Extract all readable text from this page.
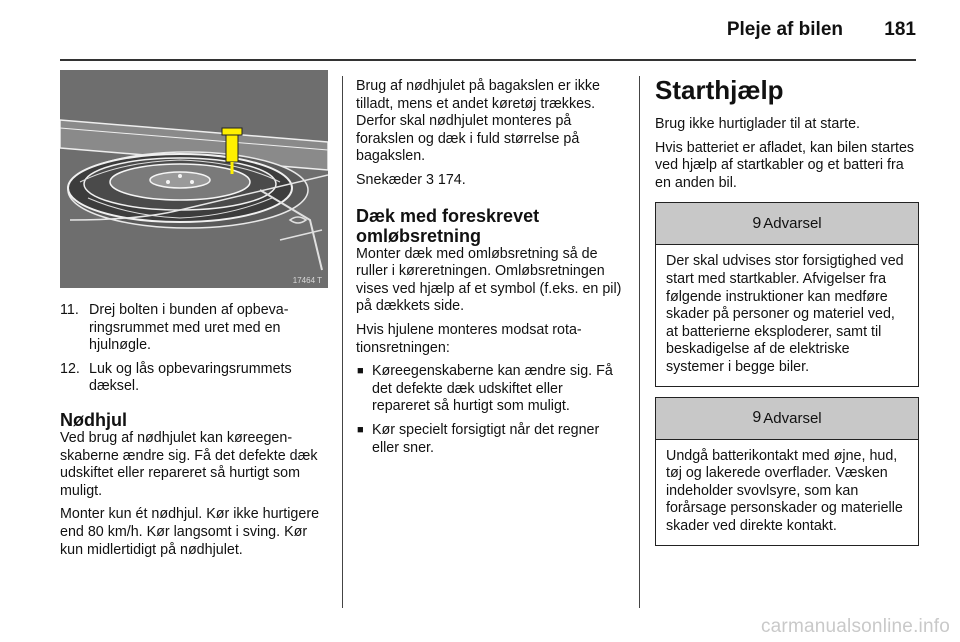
Pleje af bilen 181
17464 T
11. Drej bolten i bunden af opbevaringsrummet med uret med en hjulnøgle.
12. Luk og lås opbevaringsrummets dæksel.
Nødhjul

Ved brug af nødhjulet kan køreegenskaberne ændre sig. Få det defekte dæk udskiftet eller repareret så hurtigt som muligt.

Monter kun ét nødhjul. Kør ikke hurtigere end 80 km/h. Kør langsomt i sving. Kør kun midlertidigt på nødhjulet.

Brug af nødhjulet på bagakslen er ikke tilladt, mens et andet køretøj trækkes. Derfor skal nødhjulet monteres på forakslen og dæk i fuld størrelse på bagakslen.

Snekæder 3 174.

Dæk med foreskrevet omløbsretning

Monter dæk med omløbsretning så de ruller i køreretningen. Omløbsretningen vises ved hjælp af et symbol (f.eks. en pil) på dækkets side.

Hvis hjulene monteres modsat rotationsretningen:

■ Køreegenskaberne kan ændre sig. Få det defekte dæk udskiftet eller repareret så hurtigt som muligt.
■ Kør specielt forsigtigt når det regner eller sner.
Starthjælp

Brug ikke hurtiglader til at starte.

Hvis batteriet er afladet, kan bilen startes ved hjælp af startkabler og et batteri fra en anden bil.

9 Advarsel
Der skal udvises stor forsigtighed ved start med startkabler. Afvigelser fra følgende instruktioner kan medføre skader på personer og materiel ved, at batterierne eksploderer, samt til beskadigelse af de elektriske systemer i begge biler.
9 Advarsel
Undgå batterikontakt med øjne, hud, tøj og lakerede overflader. Væsken indeholder svovlsyre, som kan forårsage personskader og materielle skader ved direkte kontakt.
carmanualsonline.info
